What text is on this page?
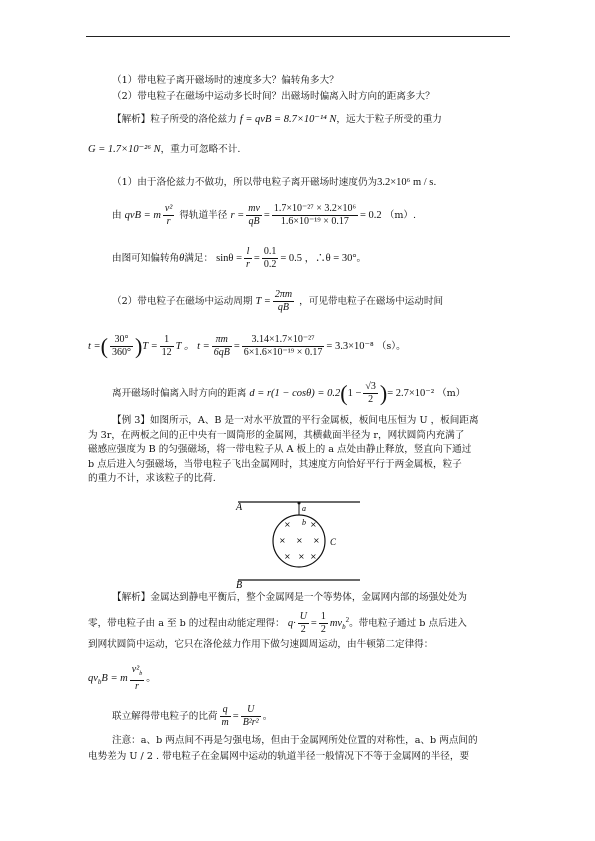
（1）带电粒子离开磁场时的速度多大？偏转角多大？
（2）带电粒子在磁场中运动多长时间？出磁场时偏离入时方向的距离多大？
【解析】粒子所受的洛伦兹力 f = qvB = 8.7×10⁻¹⁴ N，远大于粒子所受的重力
G = 1.7×10⁻²⁶ N，重力可忽略不计.
（1）由于洛伦兹力不做功，所以带电粒子离开磁场时速度仍为3.2×10⁶ m / s.
由 qvB = m $\frac{\text{v²}}{r}$ 得轨道半径 $r = \frac{mv}{qB} = \frac{\text{1.7×10⁻²⁷ × 3.2×10⁶}}{\text{1.6×10⁻¹⁹ × 0.17}} = 0.2$ （m）.
由图可知偏转角θ满足： $\sin\theta = \frac{l}{r} = \frac{0.1}{0.2} = 0.5$ ，∴θ = 30°。
（2）带电粒子在磁场中运动周期 $T = \frac{2\pi m}{qB}$ ，可见带电粒子在磁场中运动时间
t =( $\frac{30^\circ}{360^\circ} )T = \frac{1}{12}$ T 。 $t = \frac{\pi m}{6qB} = \frac{\text{3.14×1.7×10⁻²⁷}}{\text{6×1.6×10⁻¹⁹ × 0.17}} = 3.3\times 10^{-8}$ （s）。
离开磁场时偏离入时方向的距离 $d = r(1 - \cos\theta) = 0.2(1 - \frac{√3}{2}$ )= 2.7×10⁻² （m）
【例 3】如图所示，A、B 是一对水平放置的平行金属板，板间电压恒为 U ，板间距离
为 3r，在两板之间的正中央有一圆筒形的金属网，其横截面半径为 r，网状圆筒内充满了
磁感应强度为 B 的匀强磁场，将一带电粒子从 A 板上的 a 点处由静止释放，竖直向下通过
b 点后进入匀强磁场，当带电粒子飞出金属网时，其速度方向恰好平行于两金属板，粒子
的重力不计，求该粒子的比荷.
A
B
a
b
C
× ×
× × ×
× × ×
【解析】金属达到静电平衡后，整个金属网是一个等势体，金属网内部的场强处处为
零，带电粒子由 a 至 b 的过程由动能定理得： $q\cdot \frac{U}{2} = \frac{1}{2} mv_b^2$。带电粒子通过 b 点后进入
到网状圆筒中运动，它只在洛伦兹力作用下做匀速圆周运动，由牛顿第二定律得：
$qv_bB = m \frac{v^2_b}{r}$ 。
联立解得带电粒子的比荷 $\frac{q}{m} = \frac{U}{\text{B²r²}}$ 。
注意：a、b 两点间不再是匀强电场，但由于金属网所处位置的对称性，a、b 两点间的
电势差为 U / 2 . 带电粒子在金属网中运动的轨道半径一般情况下不等于金属网的半径，要
